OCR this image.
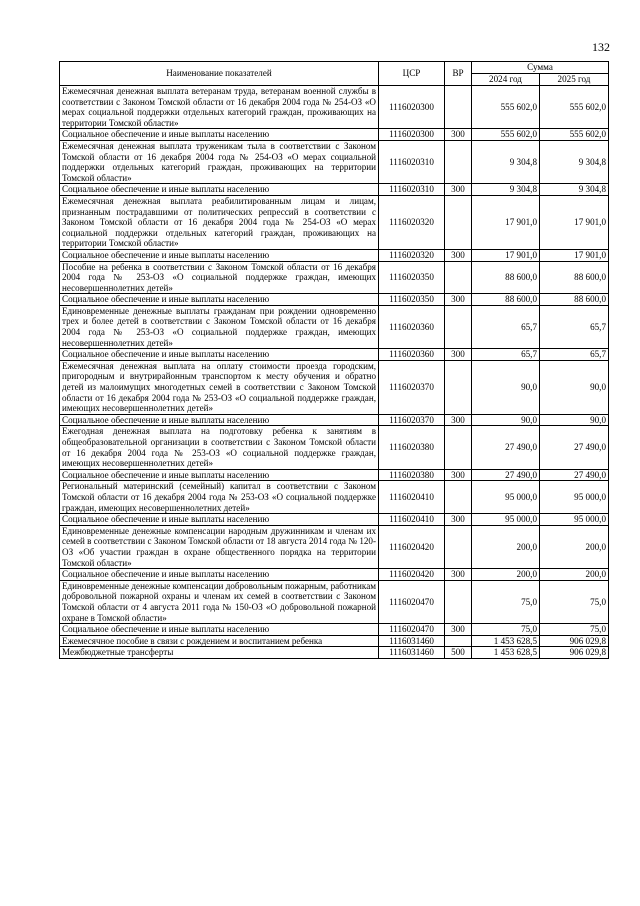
132
Наименование показателей	ЦСР	ВР	Сумма	
			2024 год	2025 год
Ежемесячная денежная выплата ветеранам труда, ветеранам военной службы в соответствии с Законом Томской области от 16 декабря 2004 года № 254-ОЗ «О мерах социальной поддержки отдельных категорий граждан, проживающих на территории Томской области»	1116020300		555 602,0	555 602,0
Социальное обеспечение и иные выплаты населению	1116020300	300	555 602,0	555 602,0
Ежемесячная денежная выплата труженикам тыла в соответствии с Законом Томской области от 16 декабря 2004 года № 254-ОЗ «О мерах социальной поддержки отдельных категорий граждан, проживающих на территории Томской области»	1116020310		9 304,8	9 304,8
Социальное обеспечение и иные выплаты населению	1116020310	300	9 304,8	9 304,8
Ежемесячная денежная выплата реабилитированным лицам и лицам, признанным пострадавшими от политических репрессий в соответствии с Законом Томской области от 16 декабря 2004 года № 254-ОЗ «О мерах социальной поддержки отдельных категорий граждан, проживающих на территории Томской области»	1116020320		17 901,0	17 901,0
Социальное обеспечение и иные выплаты населению	1116020320	300	17 901,0	17 901,0
Пособие на ребенка в соответствии с Законом Томской области от 16 декабря 2004 года № 253-ОЗ «О социальной поддержке граждан, имеющих несовершеннолетних детей»	1116020350		88 600,0	88 600,0
Социальное обеспечение и иные выплаты населению	1116020350	300	88 600,0	88 600,0
Единовременные денежные выплаты гражданам при рождении одновременно трех и более детей в соответствии с Законом Томской области от 16 декабря 2004 года № 253-ОЗ «О социальной поддержке граждан, имеющих несовершеннолетних детей»	1116020360		65,7	65,7
Социальное обеспечение и иные выплаты населению	1116020360	300	65,7	65,7
Ежемесячная денежная выплата на оплату стоимости проезда городским, пригородным и внутрирайонным транспортом к месту обучения и обратно детей из малоимущих многодетных семей в соответствии с Законом Томской области от 16 декабря 2004 года № 253-ОЗ «О социальной поддержке граждан, имеющих несовершеннолетних детей»	1116020370		90,0	90,0
Социальное обеспечение и иные выплаты населению	1116020370	300	90,0	90,0
Ежегодная денежная выплата на подготовку ребенка к занятиям в общеобразовательной организации в соответствии с Законом Томской области от 16 декабря 2004 года № 253-ОЗ «О социальной поддержке граждан, имеющих несовершеннолетних детей»	1116020380		27 490,0	27 490,0
Социальное обеспечение и иные выплаты населению	1116020380	300	27 490,0	27 490,0
Региональный материнский (семейный) капитал в соответствии с Законом Томской области от 16 декабря 2004 года № 253-ОЗ «О социальной поддержке граждан, имеющих несовершеннолетних детей»	1116020410		95 000,0	95 000,0
Социальное обеспечение и иные выплаты населению	1116020410	300	95 000,0	95 000,0
Единовременные денежные компенсации народным дружинникам и членам их семей в соответствии с Законом Томской области от 18 августа 2014 года № 120-ОЗ «Об участии граждан в охране общественного порядка на территории Томской области»	1116020420		200,0	200,0
Социальное обеспечение и иные выплаты населению	1116020420	300	200,0	200,0
Единовременные денежные компенсации добровольным пожарным, работникам добровольной пожарной охраны и членам их семей в соответствии с Законом Томской области от 4 августа 2011 года № 150-ОЗ «О добровольной пожарной охране в Томской области»	1116020470		75,0	75,0
Социальное обеспечение и иные выплаты населению	1116020470	300	75,0	75,0
Ежемесячное пособие в связи с рождением и воспитанием ребенка	1116031460		1 453 628,5	906 029,8
Межбюджетные трансферты	1116031460	500	1 453 628,5	906 029,8
